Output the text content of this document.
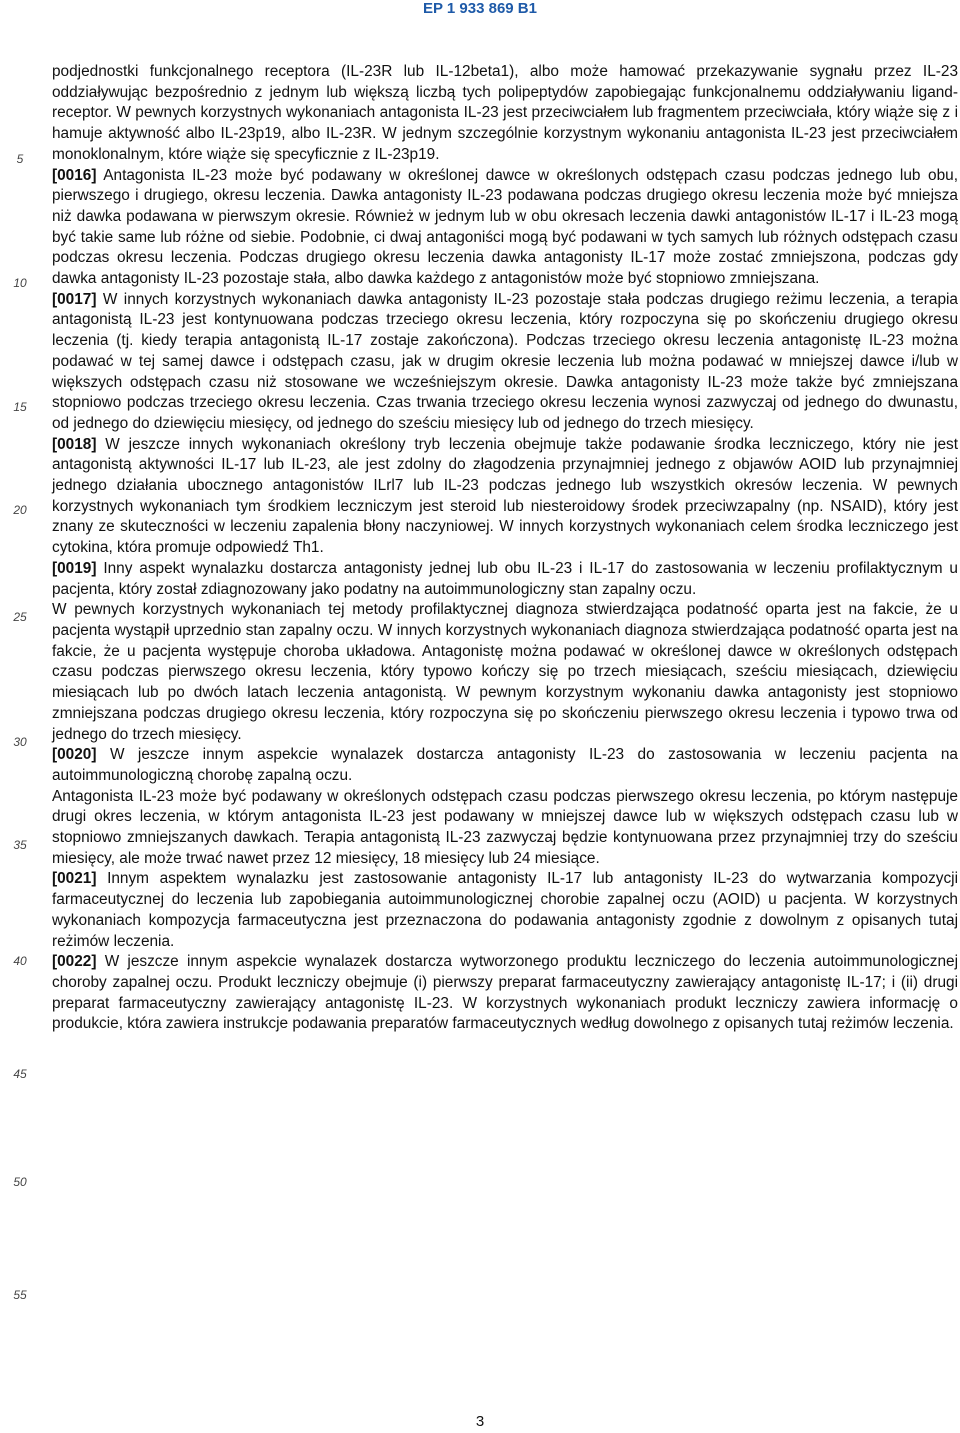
EP 1 933 869 B1
5
10
15
20
25
30
35
40
45
50
55

podjednostki funkcjonalnego receptora (IL-23R lub IL-12beta1), albo może hamować przekazywanie sygnału przez IL-23 oddziaływując bezpośrednio z jednym lub większą liczbą tych polipeptydów zapobiegając funkcjonalnemu oddziaływaniu ligand-receptor. W pewnych korzystnych wykonaniach antagonista IL-23 jest przeciwciałem lub fragmentem przeciwciała, który wiąże się z i hamuje aktywność albo IL-23p19, albo IL-23R. W jednym szczególnie korzystnym wykonaniu antagonista IL-23 jest przeciwciałem monoklonalnym, które wiąże się specyficznie z IL-23p19.

[0016] Antagonista IL-23 może być podawany w określonej dawce w określonych odstępach czasu podczas jednego lub obu, pierwszego i drugiego, okresu leczenia. Dawka antagonisty IL-23 podawana podczas drugiego okresu leczenia może być mniejsza niż dawka podawana w pierwszym okresie. Również w jednym lub w obu okresach leczenia dawki antagonistów IL-17 i IL-23 mogą być takie same lub różne od siebie. Podobnie, ci dwaj antagoniści mogą być podawani w tych samych lub różnych odstępach czasu podczas okresu leczenia. Podczas drugiego okresu leczenia dawka antagonisty IL-17 może zostać zmniejszona, podczas gdy dawka antagonisty IL-23 pozostaje stała, albo dawka każdego z antagonistów może być stopniowo zmniejszana.

[0017] W innych korzystnych wykonaniach dawka antagonisty IL-23 pozostaje stała podczas drugiego reżimu leczenia, a terapia antagonistą IL-23 jest kontynuowana podczas trzeciego okresu leczenia, który rozpoczyna się po skończeniu drugiego okresu leczenia (tj. kiedy terapia antagonistą IL-17 zostaje zakończona). Podczas trzeciego okresu leczenia antagonistę IL-23 można podawać w tej samej dawce i odstępach czasu, jak w drugim okresie leczenia lub można podawać w mniejszej dawce i/lub w większych odstępach czasu niż stosowane we wcześniejszym okresie. Dawka antagonisty IL-23 może także być zmniejszana stopniowo podczas trzeciego okresu leczenia. Czas trwania trzeciego okresu leczenia wynosi zazwyczaj od jednego do dwunastu, od jednego do dziewięciu miesięcy, od jednego do sześciu miesięcy lub od jednego do trzech miesięcy.

[0018] W jeszcze innych wykonaniach określony tryb leczenia obejmuje także podawanie środka leczniczego, który nie jest antagonistą aktywności IL-17 lub IL-23, ale jest zdolny do złagodzenia przynajmniej jednego z objawów AOID lub przynajmniej jednego działania ubocznego antagonistów ILrl7 lub IL-23 podczas jednego lub wszystkich okresów leczenia. W pewnych korzystnych wykonaniach tym środkiem leczniczym jest steroid lub niesteroidowy środek przeciwzapalny (np. NSAID), który jest znany ze skuteczności w leczeniu zapalenia błony naczyniowej. W innych korzystnych wykonaniach celem środka leczniczego jest cytokina, która promuje odpowiedź Th1.

[0019] Inny aspekt wynalazku dostarcza antagonisty jednej lub obu IL-23 i IL-17 do zastosowania w leczeniu profilaktycznym u pacjenta, który został zdiagnozowany jako podatny na autoimmunologiczny stan zapalny oczu.

W pewnych korzystnych wykonaniach tej metody profilaktycznej diagnoza stwierdzająca podatność oparta jest na fakcie, że u pacjenta wystąpił uprzednio stan zapalny oczu. W innych korzystnych wykonaniach diagnoza stwierdzająca podatność oparta jest na fakcie, że u pacjenta występuje choroba układowa. Antagonistę można podawać w określonej dawce w określonych odstępach czasu podczas pierwszego okresu leczenia, który typowo kończy się po trzech miesiącach, sześciu miesiącach, dziewięciu miesiącach lub po dwóch latach leczenia antagonistą. W pewnym korzystnym wykonaniu dawka antagonisty jest stopniowo zmniejszana podczas drugiego okresu leczenia, który rozpoczyna się po skończeniu pierwszego okresu leczenia i typowo trwa od jednego do trzech miesięcy.

[0020] W jeszcze innym aspekcie wynalazek dostarcza antagonisty IL-23 do zastosowania w leczeniu pacjenta na autoimmunologiczną chorobę zapalną oczu.

Antagonista IL-23 może być podawany w określonych odstępach czasu podczas pierwszego okresu leczenia, po którym następuje drugi okres leczenia, w którym antagonista IL-23 jest podawany w mniejszej dawce lub w większych odstępach czasu lub w stopniowo zmniejszanych dawkach. Terapia antagonistą IL-23 zazwyczaj będzie kontynuowana przez przynajmniej trzy do sześciu miesięcy, ale może trwać nawet przez 12 miesięcy, 18 miesięcy lub 24 miesiące.

[0021] Innym aspektem wynalazku jest zastosowanie antagonisty IL-17 lub antagonisty IL-23 do wytwarzania kompozycji farmaceutycznej do leczenia lub zapobiegania autoimmunologicznej chorobie zapalnej oczu (AOID) u pacjenta. W korzystnych wykonaniach kompozycja farmaceutyczna jest przeznaczona do podawania antagonisty zgodnie z dowolnym z opisanych tutaj reżimów leczenia.

[0022] W jeszcze innym aspekcie wynalazek dostarcza wytworzonego produktu leczniczego do leczenia autoimmunologicznej choroby zapalnej oczu. Produkt leczniczy obejmuje (i) pierwszy preparat farmaceutyczny zawierający antagonistę IL-17; i (ii) drugi preparat farmaceutyczny zawierający antagonistę IL-23. W korzystnych wykonaniach produkt leczniczy zawiera informację o produkcie, która zawiera instrukcje podawania preparatów farmaceutycznych według dowolnego z opisanych tutaj reżimów leczenia.

3
